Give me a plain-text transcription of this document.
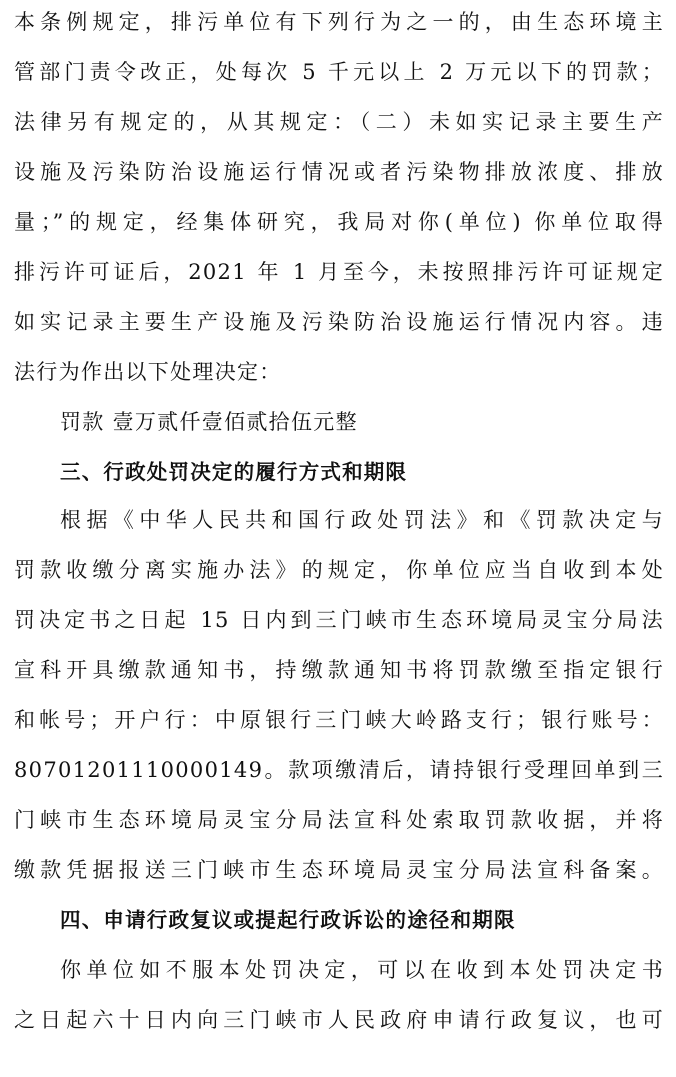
本条例规定，排污单位有下列行为之一的，由生态环境主
管部门责令改正，处每次 5 千元以上 2 万元以下的罚款；
法律另有规定的，从其规定：（二）未如实记录主要生产
设施及污染防治设施运行情况或者污染物排放浓度、排放
量；”的规定，经集体研究，我局对你(单位) 你单位取得
排污许可证后，2021 年 1 月至今，未按照排污许可证规定
如实记录主要生产设施及污染防治设施运行情况内容。违
法行为作出以下处理决定：
罚款 壹万贰仟壹佰贰拾伍元整
三、行政处罚决定的履行方式和期限
根据《中华人民共和国行政处罚法》和《罚款决定与
罚款收缴分离实施办法》的规定，你单位应当自收到本处
罚决定书之日起 15 日内到三门峡市生态环境局灵宝分局法
宣科开具缴款通知书，持缴款通知书将罚款缴至指定银行
和帐号；开户行：中原银行三门峡大岭路支行；银行账号：
80701201110000149。款项缴清后，请持银行受理回单到三
门峡市生态环境局灵宝分局法宣科处索取罚款收据，并将
缴款凭据报送三门峡市生态环境局灵宝分局法宣科备案。
四、申请行政复议或提起行政诉讼的途径和期限
你单位如不服本处罚决定，可以在收到本处罚决定书
之日起六十日内向三门峡市人民政府申请行政复议，也可
